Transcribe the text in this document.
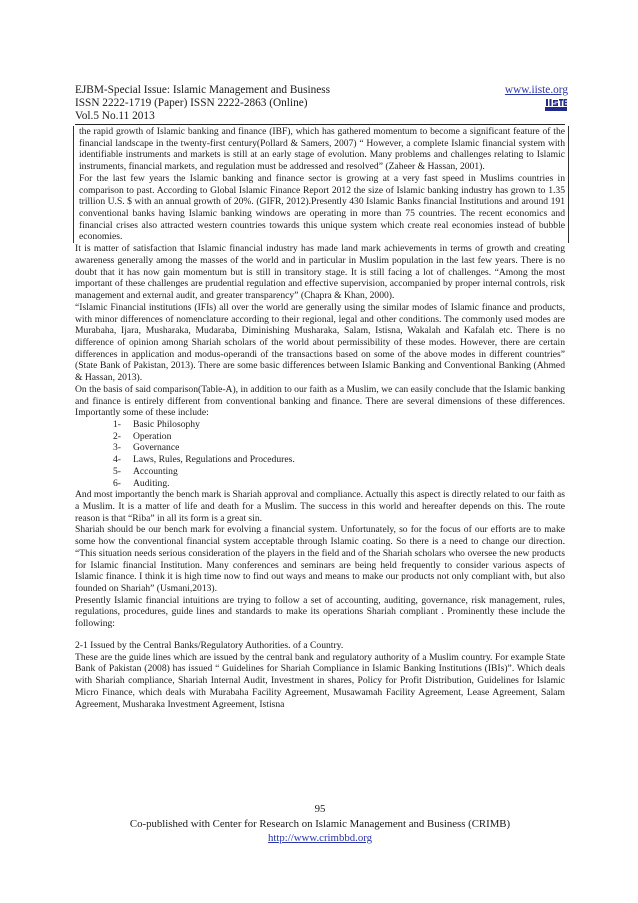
EJBM-Special Issue: Islamic Management and Business	www.iiste.org
ISSN 2222-1719 (Paper) ISSN 2222-2863 (Online)
Vol.5 No.11 2013

the rapid growth of Islamic banking and finance (IBF), which has gathered momentum to become a significant feature of the financial landscape in the twenty-first century(Pollard & Samers, 2007) “ However, a complete Islamic financial system with identifiable instruments and markets is still at an early stage of evolution. Many problems and challenges relating to Islamic instruments, financial markets, and regulation must be addressed and resolved” (Zaheer & Hassan, 2001).

For the last few years the Islamic banking and finance sector is growing at a very fast speed in Muslims countries in comparison to past. According to Global Islamic Finance Report 2012 the size of Islamic banking industry has grown to 1.35 trillion U.S. $ with an annual growth of 20%. (GIFR, 2012).Presently 430 Islamic Banks financial Institutions and around 191 conventional banks having Islamic banking windows are operating in more than 75 countries. The recent economics and financial crises also attracted western countries towards this unique system which create real economies instead of bubble economies.

It is matter of satisfaction that Islamic financial industry has made land mark achievements in terms of growth and creating awareness generally among the masses of the world and in particular in Muslim population in the last few years. There is no doubt that it has now gain momentum but is still in transitory stage. It is still facing a lot of challenges. “Among the most important of these challenges are prudential regulation and effective supervision, accompanied by proper internal controls, risk management and external audit, and greater transparency” (Chapra & Khan, 2000).

“Islamic Financial institutions (IFIs) all over the world are generally using the similar modes of Islamic finance and products, with minor differences of nomenclature according to their regional, legal and other conditions. The commonly used modes are Murabaha, Ijara, Musharaka, Mudaraba, Diminishing Musharaka, Salam, Istisna, Wakalah and Kafalah etc. There is no difference of opinion among Shariah scholars of the world about permissibility of these modes. However, there are certain differences in application and modus-operandi of the transactions based on some of the above modes in different countries” (State Bank of Pakistan, 2013). There are some basic differences between Islamic Banking and Conventional Banking (Ahmed & Hassan, 2013).

On the basis of said comparison(Table-A), in addition to our faith as a Muslim, we can easily conclude that the Islamic banking and finance is entirely different from conventional banking and finance. There are several dimensions of these differences. Importantly some of these include:

1- Basic Philosophy
2- Operation
3- Governance
4- Laws, Rules, Regulations and Procedures.
5- Accounting
6- Auditing.

And most importantly the bench mark is Shariah approval and compliance. Actually this aspect is directly related to our faith as a Muslim. It is a matter of life and death for a Muslim. The success in this world and hereafter depends on this. The route reason is that “Riba” in all its form is a great sin.

Shariah should be our bench mark for evolving a financial system. Unfortunately, so for the focus of our efforts are to make some how the conventional financial system acceptable through Islamic coating. So there is a need to change our direction. “This situation needs serious consideration of the players in the field and of the Shariah scholars who oversee the new products for Islamic financial Institution. Many conferences and seminars are being held frequently to consider various aspects of Islamic finance. I think it is high time now to find out ways and means to make our products not only compliant with, but also founded on Shariah” (Usmani,2013).

Presently Islamic financial intuitions are trying to follow a set of accounting, auditing, governance, risk management, rules, regulations, procedures, guide lines and standards to make its operations Shariah compliant . Prominently these include the following:

2-1 Issued by the Central Banks/Regulatory Authorities. of a Country.

These are the guide lines which are issued by the central bank and regulatory authority of a Muslim country. For example State Bank of Pakistan (2008) has issued “ Guidelines for Shariah Compliance in Islamic Banking Institutions (IBIs)”. Which deals with Shariah compliance, Shariah Internal Audit, Investment in shares, Policy for Profit Distribution, Guidelines for Islamic Micro Finance, which deals with Murabaha Facility Agreement, Musawamah Facility Agreement, Lease Agreement, Salam Agreement, Musharaka Investment Agreement, Istisna

95
Co-published with Center for Research on Islamic Management and Business (CRIMB)
http://www.crimbbd.org
